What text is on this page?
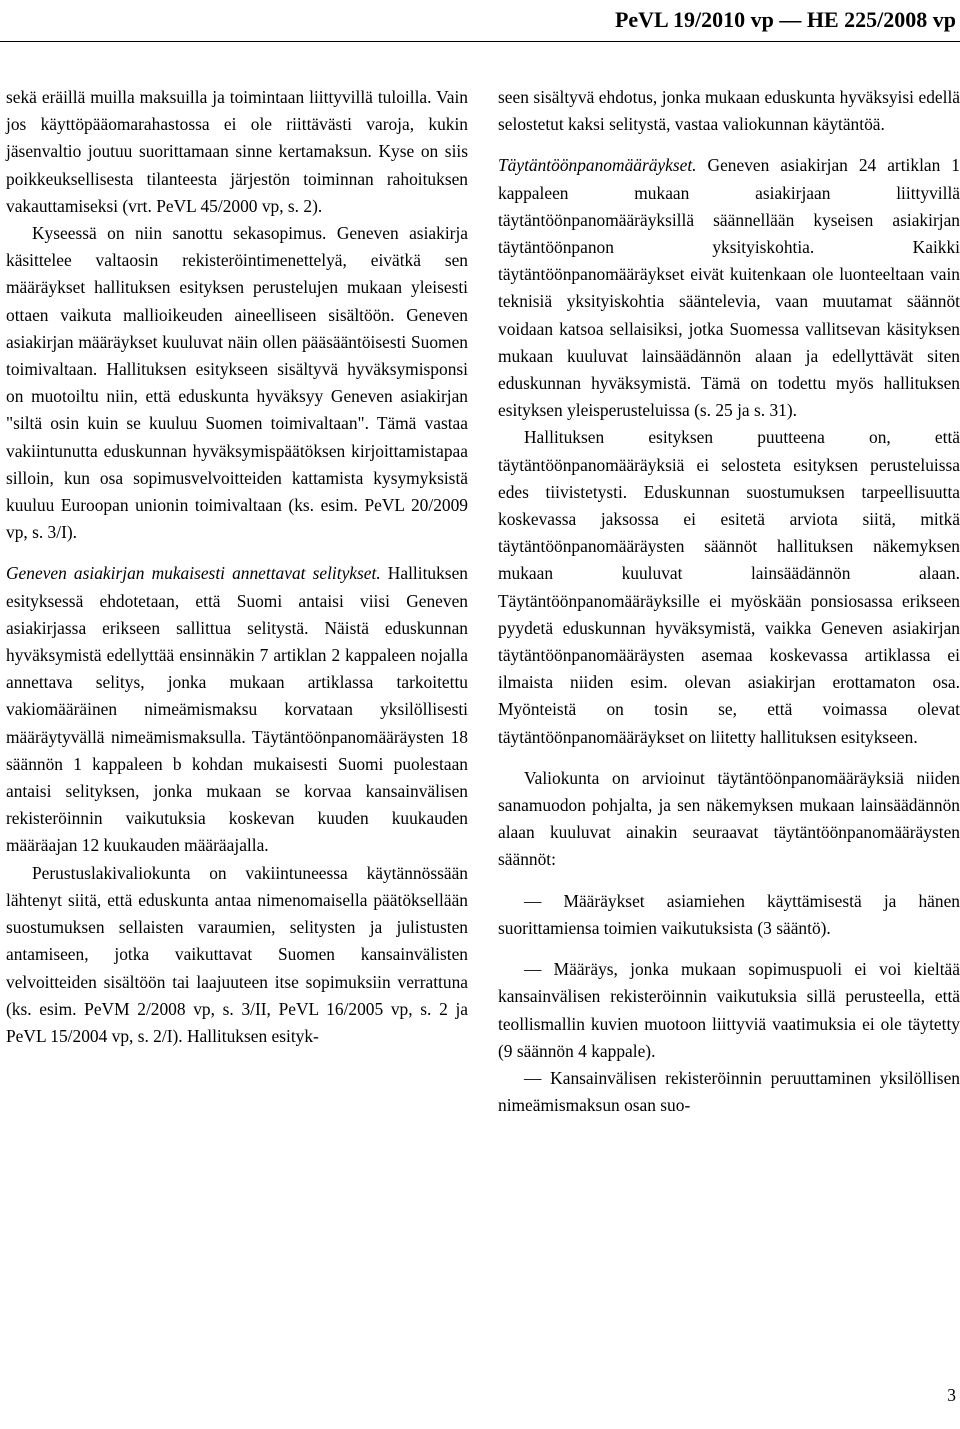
PeVL 19/2010 vp — HE 225/2008 vp

sekä eräillä muilla maksuilla ja toimintaan liittyvillä tuloilla. Vain jos käyttöpääomarahastossa ei ole riittävästi varoja, kukin jäsenvaltio joutuu suorittamaan sinne kertamaksun. Kyse on siis poikkeuksellisesta tilanteesta järjestön toiminnan rahoituksen vakauttamiseksi (vrt. PeVL 45/2000 vp, s. 2).

Kyseessä on niin sanottu sekasopimus. Geneven asiakirja käsittelee valtaosin rekisteröintimenettelyä, eivätkä sen määräykset hallituksen esityksen perustelujen mukaan yleisesti ottaen vaikuta mallioikeuden aineelliseen sisältöön. Geneven asiakirjan määräykset kuuluvat näin ollen pääsääntöisesti Suomen toimivaltaan. Hallituksen esitykseen sisältyvä hyväksymisponsi on muotoiltu niin, että eduskunta hyväksyy Geneven asiakirjan "siltä osin kuin se kuuluu Suomen toimivaltaan". Tämä vastaa vakiintunutta eduskunnan hyväksymispäätöksen kirjoittamistapaa silloin, kun osa sopimusvelvoitteiden kattamista kysymyksistä kuuluu Euroopan unionin toimivaltaan (ks. esim. PeVL 20/2009 vp, s. 3/I).

Geneven asiakirjan mukaisesti annettavat selitykset. Hallituksen esityksessä ehdotetaan, että Suomi antaisi viisi Geneven asiakirjassa erikseen sallittua selitystä. Näistä eduskunnan hyväksymistä edellyttää ensinnäkin 7 artiklan 2 kappaleen nojalla annettava selitys, jonka mukaan artiklassa tarkoitettu vakiomääräinen nimeämismaksu korvataan yksilöllisesti määräytyvällä nimeämismaksulla. Täytäntöönpanomääräysten 18 säännön 1 kappaleen b kohdan mukaisesti Suomi puolestaan antaisi selityksen, jonka mukaan se korvaa kansainvälisen rekisteröinnin vaikutuksia koskevan kuuden kuukauden määräajan 12 kuukauden määräajalla.

Perustuslakivaliokunta on vakiintuneessa käytännössään lähtenyt siitä, että eduskunta antaa nimenomaisella päätöksellään suostumuksen sellaisten varaumien, selitysten ja julistusten antamiseen, jotka vaikuttavat Suomen kansainvälisten velvoitteiden sisältöön tai laajuuteen itse sopimuksiin verrattuna (ks. esim. PeVM 2/2008 vp, s. 3/II, PeVL 16/2005 vp, s. 2 ja PeVL 15/2004 vp, s. 2/I). Hallituksen esityk-

seen sisältyvä ehdotus, jonka mukaan eduskunta hyväksyisi edellä selostetut kaksi selitystä, vastaa valiokunnan käytäntöä.

Täytäntöönpanomääräykset. Geneven asiakirjan 24 artiklan 1 kappaleen mukaan asiakirjaan liittyvillä täytäntöönpanomääräyksillä säännellään kyseisen asiakirjan täytäntöönpanon yksityiskohtia. Kaikki täytäntöönpanomääräykset eivät kuitenkaan ole luonteeltaan vain teknisiä yksityiskohtia sääntelevia, vaan muutamat säännöt voidaan katsoa sellaisiksi, jotka Suomessa vallitsevan käsityksen mukaan kuuluvat lainsäädännön alaan ja edellyttävät siten eduskunnan hyväksymistä. Tämä on todettu myös hallituksen esityksen yleisperusteluissa (s. 25 ja s. 31).

Hallituksen esityksen puutteena on, että täytäntöönpanomääräyksiä ei selosteta esityksen perusteluissa edes tiivistetysti. Eduskunnan suostumuksen tarpeellisuutta koskevassa jaksossa ei esitetä arviota siitä, mitkä täytäntöönpanomääräysten säännöt hallituksen näkemyksen mukaan kuuluvat lainsäädännön alaan. Täytäntöönpanomääräyksille ei myöskään ponsiosassa erikseen pyydetä eduskunnan hyväksymistä, vaikka Geneven asiakirjan täytäntöönpanomääräysten asemaa koskevassa artiklassa ei ilmaista niiden esim. olevan asiakirjan erottamaton osa. Myönteistä on tosin se, että voimassa olevat täytäntöönpanomääräykset on liitetty hallituksen esitykseen.

Valiokunta on arvioinut täytäntöönpanomääräyksiä niiden sanamuodon pohjalta, ja sen näkemyksen mukaan lainsäädännön alaan kuuluvat ainakin seuraavat täytäntöönpanomääräysten säännöt:

— Määräykset asiamiehen käyttämisestä ja hänen suorittamiensa toimien vaikutuksista (3 sääntö).

— Määräys, jonka mukaan sopimuspuoli ei voi kieltää kansainvälisen rekisteröinnin vaikutuksia sillä perusteella, että teollismallin kuvien muotoon liittyviä vaatimuksia ei ole täytetty (9 säännön 4 kappale).

— Kansainvälisen rekisteröinnin peruuttaminen yksilöllisen nimeämismaksun osan suo-

3
